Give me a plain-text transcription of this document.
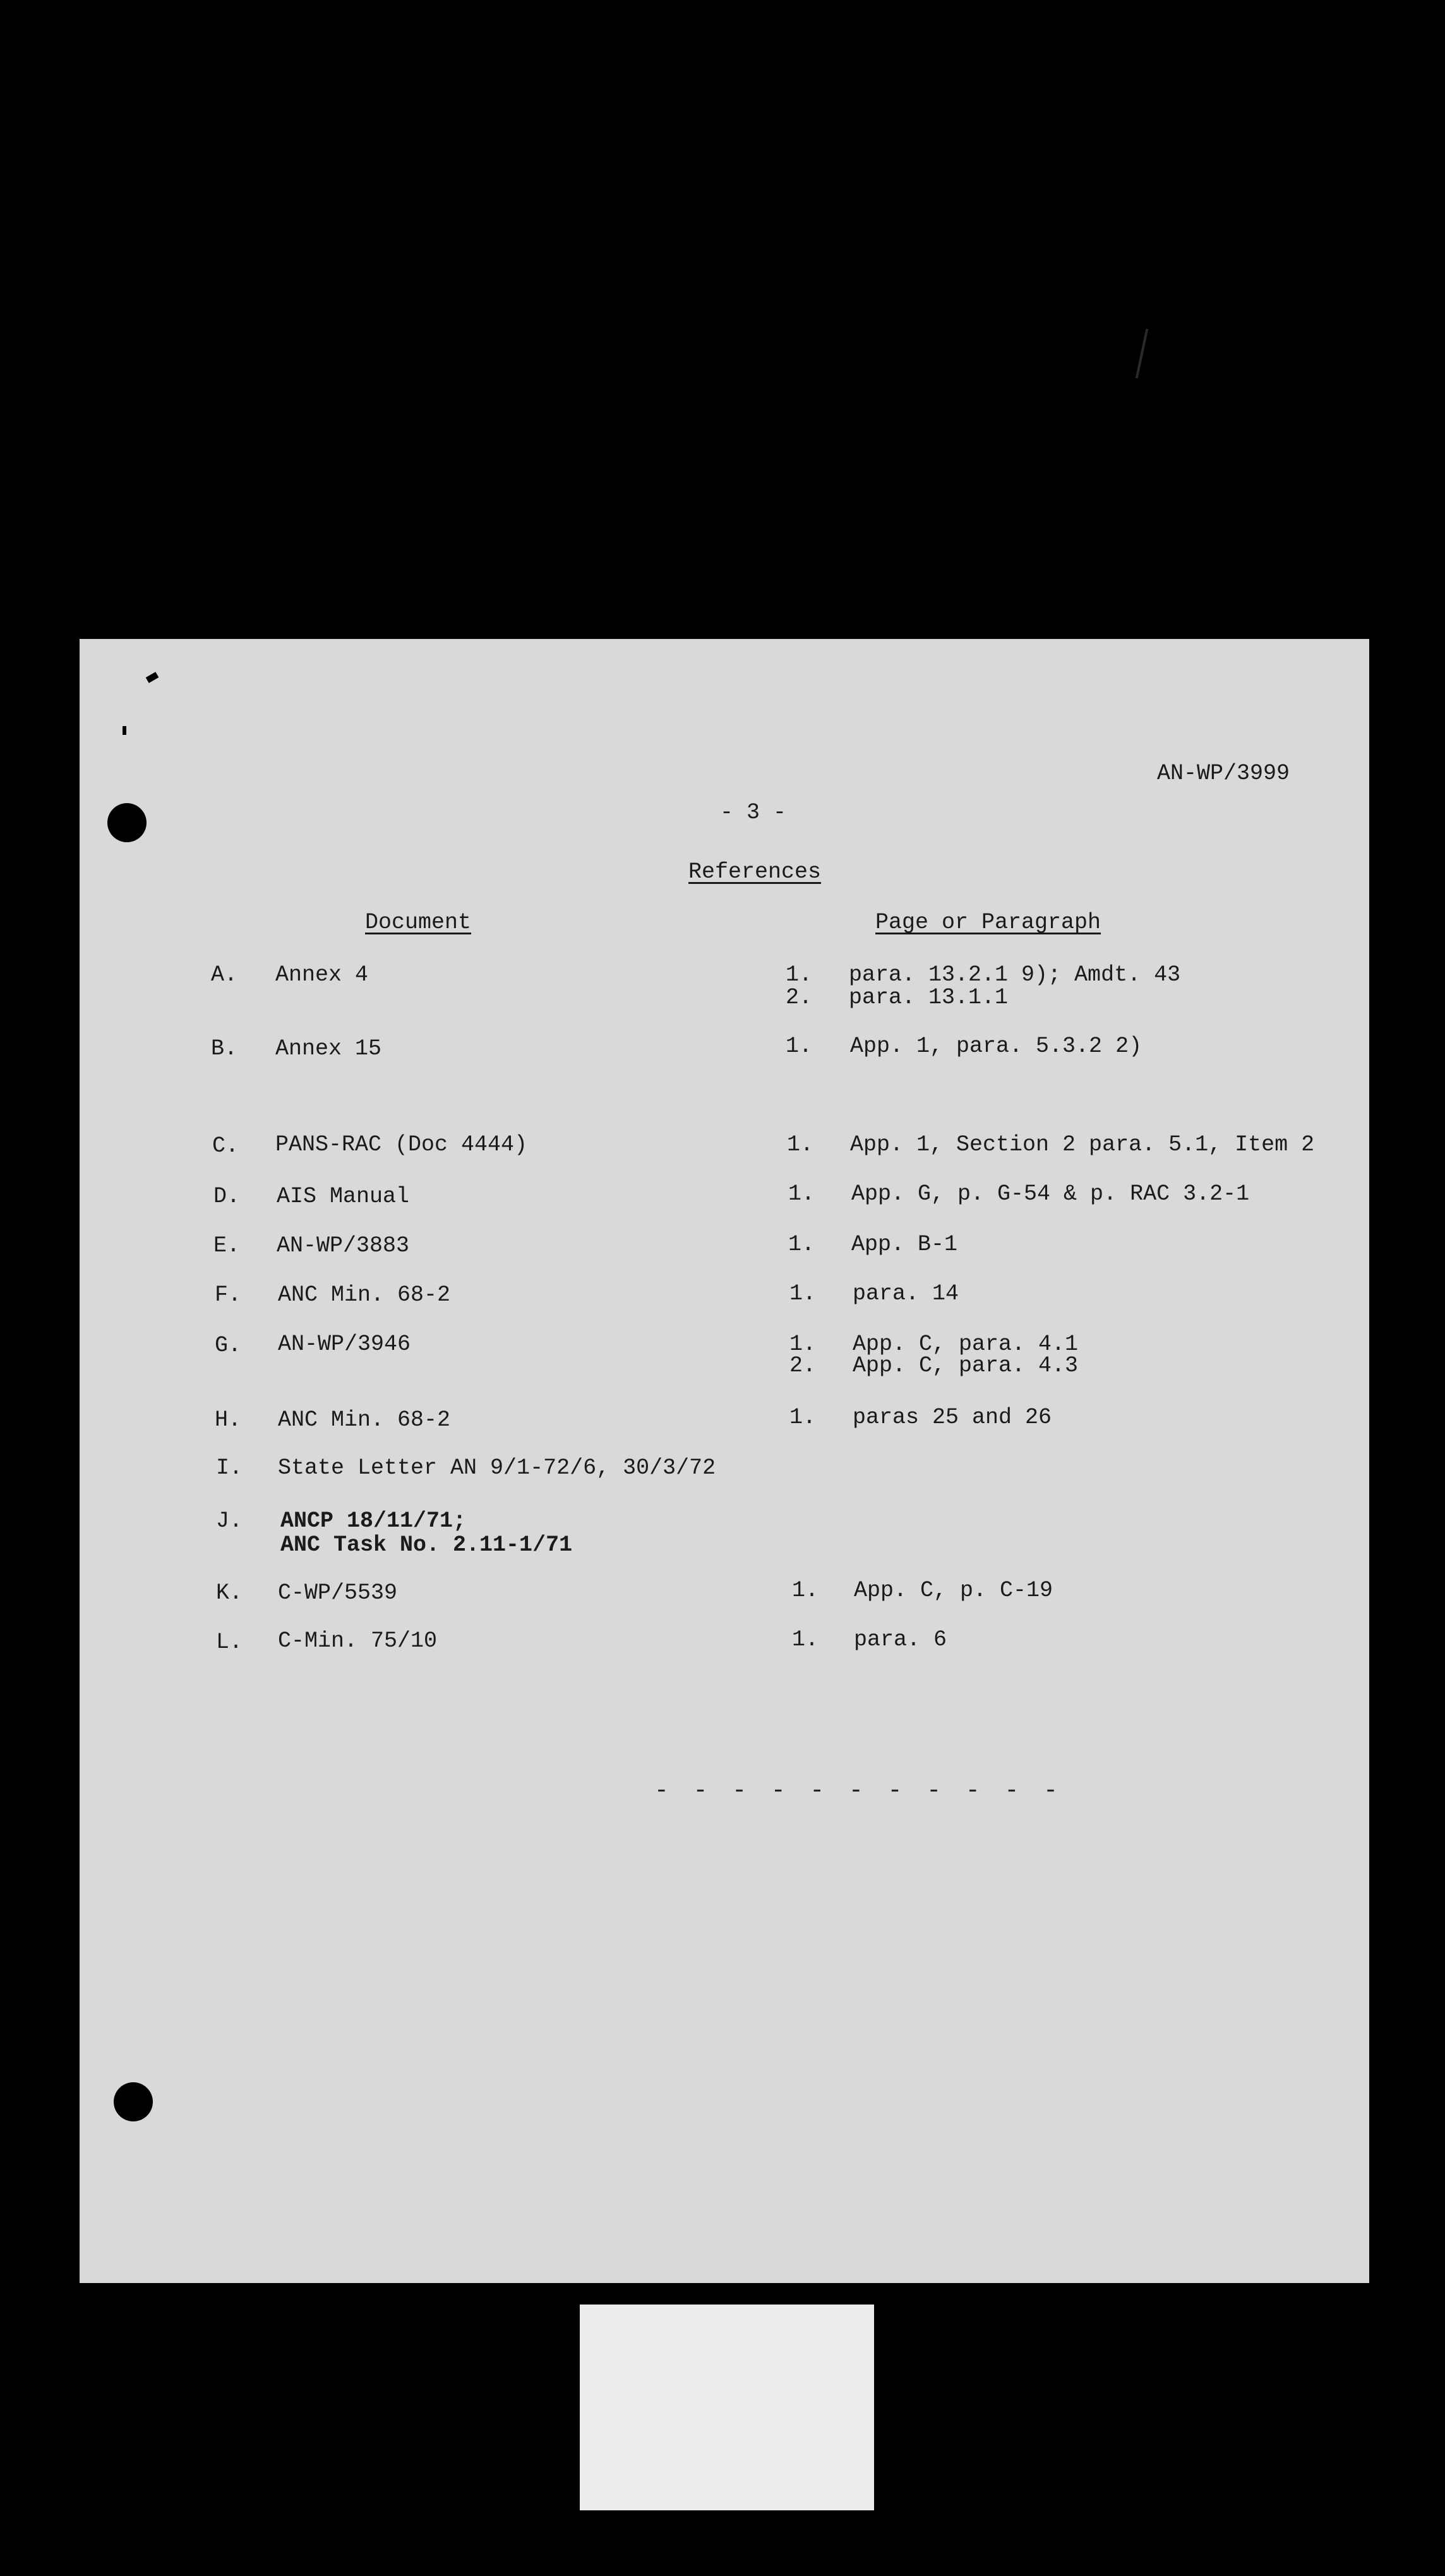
AN-WP/3999
- 3 -
References
Document	Page or Paragraph
A. Annex 4	1. para. 13.2.1 9); Amdt. 43
2. para. 13.1.1
B. Annex 15	1. App. 1, para. 5.3.2 2)
C. PANS-RAC (Doc 4444)	1. App. 1, Section 2 para. 5.1, Item 2
D. AIS Manual	1. App. G, p. G-54 & p. RAC 3.2-1
E. AN-WP/3883	1. App. B-1
F. ANC Min. 68-2	1. para. 14
G. AN-WP/3946	1. App. C, para. 4.1
2. App. C, para. 4.3
H. ANC Min. 68-2	1. paras 25 and 26
I. State Letter AN 9/1-72/6, 30/3/72
J. ANCP 18/11/71;
ANC Task No. 2.11-1/71
K. C-WP/5539	1. App. C, p. C-19
L. C-Min. 75/10	1. para. 6
- - - - - - - - - - -
